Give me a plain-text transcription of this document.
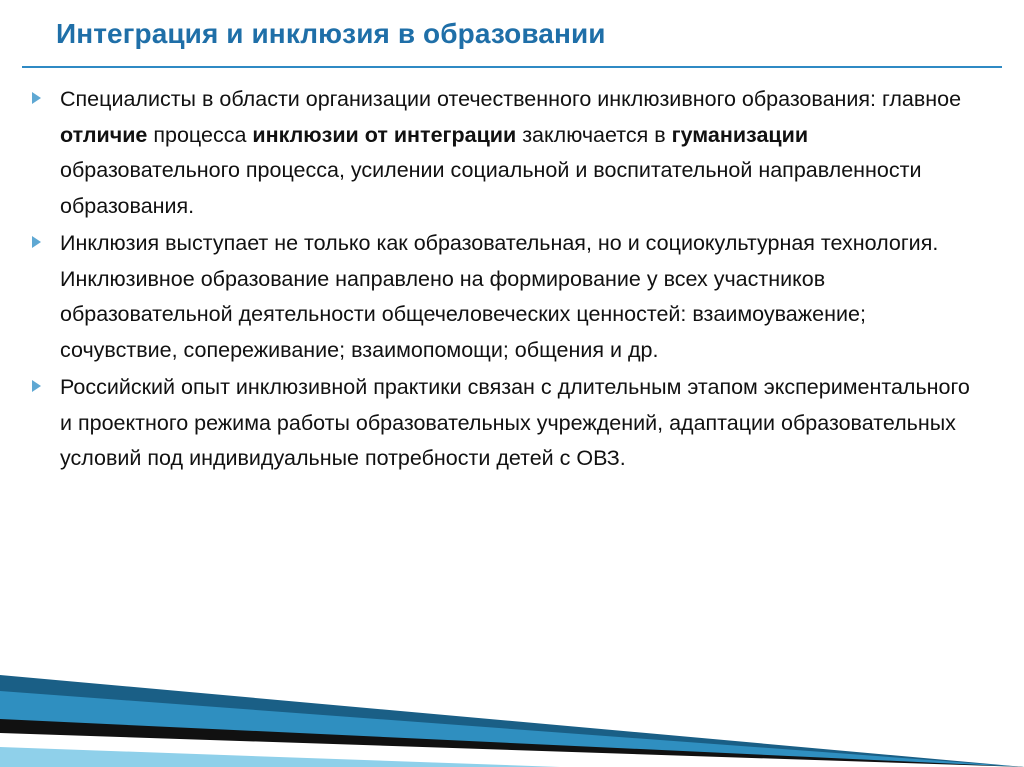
Интеграция и инклюзия в образовании
Специалисты в области организации отечественного инклюзивного образования: главное отличие процесса инклюзии от интеграции заключается в гуманизации образовательного процесса, усилении социальной и воспитательной направленности образования.
Инклюзия выступает не только как образовательная, но и социокультурная технология. Инклюзивное образование направлено на формирование у всех участников образовательной деятельности общечеловеческих ценностей: взаимоуважение; сочувствие, сопереживание; взаимопомощи; общения и др.
Российский опыт инклюзивной практики связан с длительным этапом экспериментального и проектного режима работы образовательных учреждений, адаптации образовательных условий под индивидуальные потребности детей с ОВЗ.
